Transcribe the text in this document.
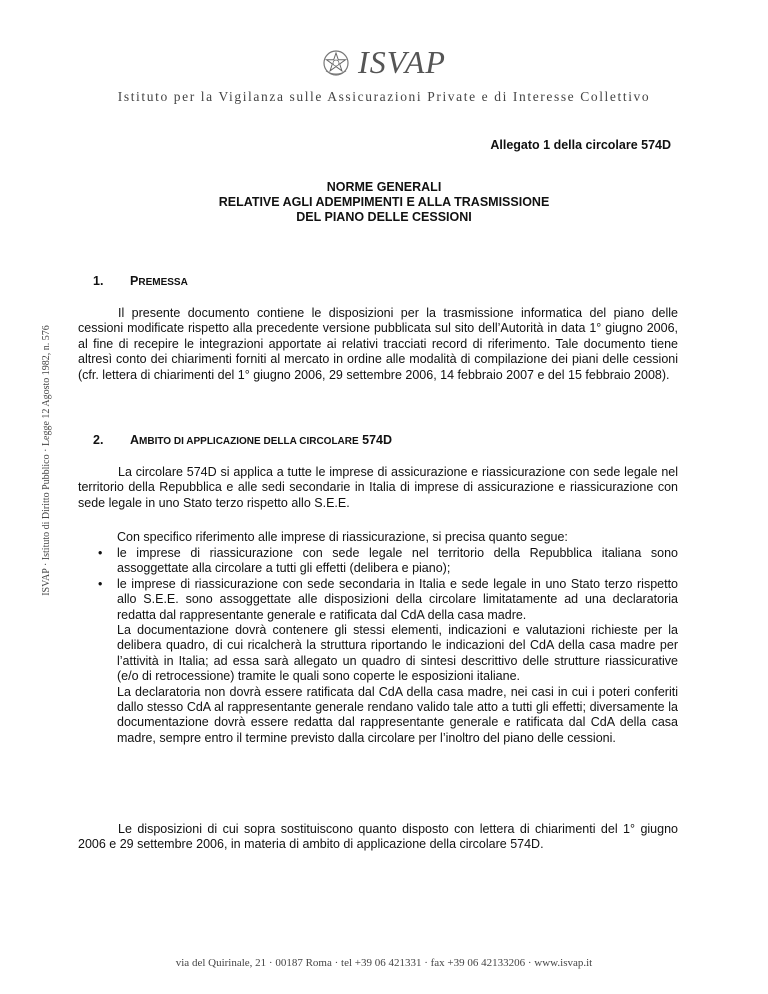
ISVAP
Istituto per la Vigilanza sulle Assicurazioni Private e di Interesse Collettivo
ISVAP · Istituto di Diritto Pubblico · Legge 12 Agosto 1982, n. 576
Allegato 1 della circolare 574D
NORME GENERALI
RELATIVE AGLI ADEMPIMENTI E ALLA TRASMISSIONE
DEL PIANO DELLE CESSIONI
1.	PREMESSA
Il presente documento contiene le disposizioni per la trasmissione informatica del piano delle cessioni modificate rispetto alla precedente versione pubblicata sul sito dell’Autorità in data 1° giugno 2006, al fine di recepire le integrazioni apportate ai relativi tracciati record di riferimento. Tale documento tiene altresì conto dei chiarimenti forniti al mercato in ordine alle modalità di compilazione dei piani delle cessioni (cfr. lettera di chiarimenti del 1° giugno 2006, 29 settembre 2006, 14 febbraio 2007 e del 15 febbraio 2008).
2.	AMBITO DI APPLICAZIONE DELLA CIRCOLARE 574D
La circolare 574D si applica a tutte le imprese di assicurazione e riassicurazione con sede legale nel territorio della Repubblica e alle sedi secondarie in Italia di imprese di assicurazione e riassicurazione con sede legale in uno Stato terzo rispetto allo S.E.E.
Con specifico riferimento alle imprese di riassicurazione, si precisa quanto segue:
•	le imprese di riassicurazione con sede legale nel territorio della Repubblica italiana sono assoggettate alla circolare a tutti gli effetti (delibera e piano);
•	le imprese di riassicurazione con sede secondaria in Italia e sede legale in uno Stato terzo rispetto allo S.E.E. sono assoggettate alle disposizioni della circolare limitatamente ad una declaratoria redatta dal rappresentante generale e ratificata dal CdA della casa madre.
La documentazione dovrà contenere gli stessi elementi, indicazioni e valutazioni richieste per la delibera quadro, di cui ricalcherà la struttura riportando le indicazioni del CdA della casa madre per l’attività in Italia; ad essa sarà allegato un quadro di sintesi descrittivo delle strutture riassicurative (e/o di retrocessione) tramite le quali sono coperte le esposizioni italiane.
La declaratoria non dovrà essere ratificata dal CdA della casa madre, nei casi in cui i poteri conferiti dallo stesso CdA al rappresentante generale rendano valido tale atto a tutti gli effetti; diversamente la documentazione dovrà essere redatta dal rappresentante generale e ratificata dal CdA della casa madre, sempre entro il termine previsto dalla circolare per l’inoltro del piano delle cessioni.
Le disposizioni di cui sopra sostituiscono quanto disposto con lettera di chiarimenti del 1° giugno 2006 e 29 settembre 2006, in materia di ambito di applicazione della circolare 574D.
via del Quirinale, 21 · 00187 Roma · tel +39 06 421331 · fax +39 06 42133206 · www.isvap.it
